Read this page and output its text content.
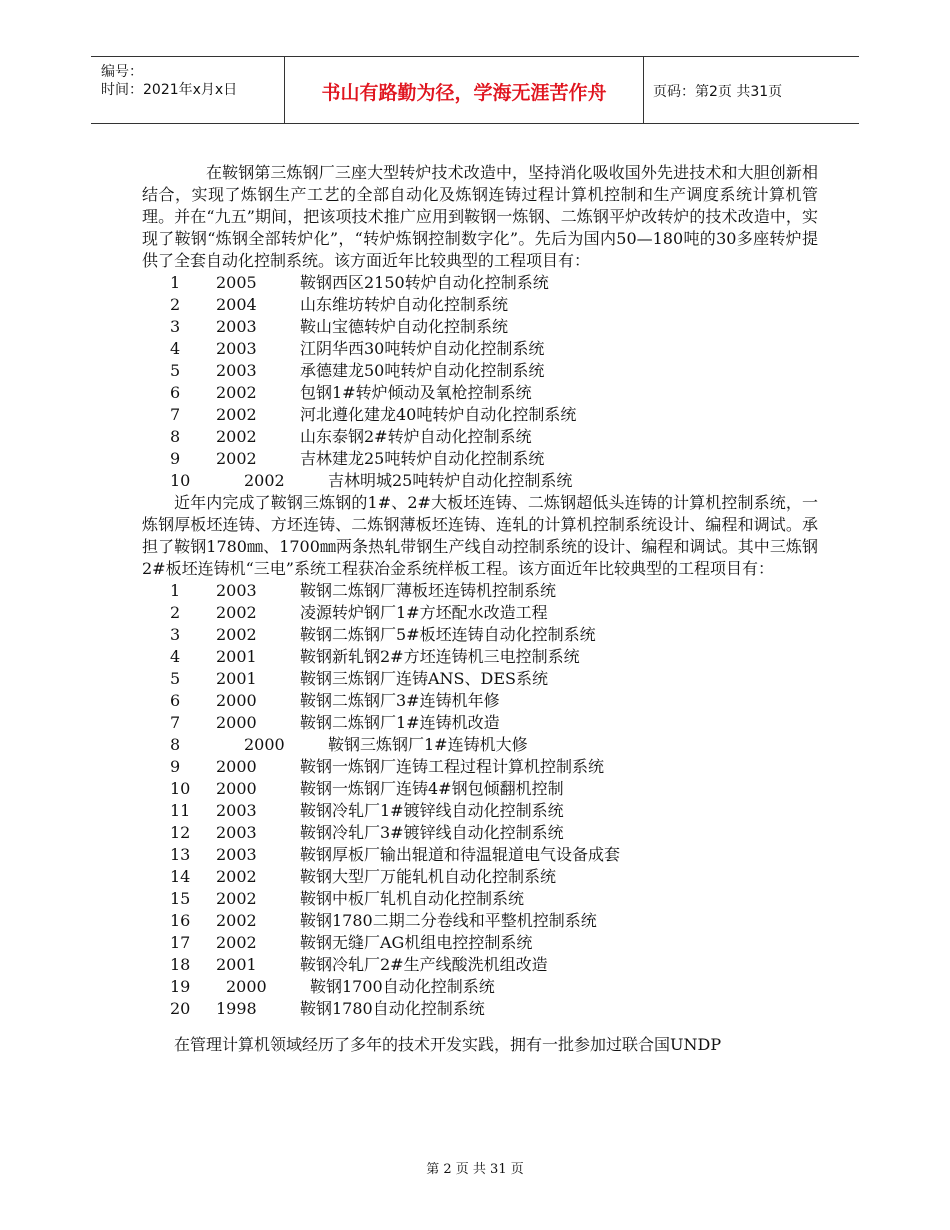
编号：
时间：2021年x月x日	书山有路勤为径，学海无涯苦作舟	页码：第2页 共31页

在鞍钢第三炼钢厂三座大型转炉技术改造中，坚持消化吸收国外先进技术和大胆创新相结合，实现了炼钢生产工艺的全部自动化及炼钢连铸过程计算机控制和生产调度系统计算机管理。并在“九五”期间，把该项技术推广应用到鞍钢一炼钢、二炼钢平炉改转炉的技术改造中，实现了鞍钢“炼钢全部转炉化”，“转炉炼钢控制数字化”。先后为国内50—180吨的30多座转炉提供了全套自动化控制系统。该方面近年比较典型的工程项目有：

1 2005	鞍钢西区2150转炉自动化控制系统
2 2004	山东维坊转炉自动化控制系统
3 2003	鞍山宝德转炉自动化控制系统
4 2003	江阴华西30吨转炉自动化控制系统
5 2003	承德建龙50吨转炉自动化控制系统
6 2002	包钢1#转炉倾动及氧枪控制系统
7 2002	河北遵化建龙40吨转炉自动化控制系统
8 2002	山东泰钢2#转炉自动化控制系统
9 2002	吉林建龙25吨转炉自动化控制系统
10	2002	吉林明城25吨转炉自动化控制系统

近年内完成了鞍钢三炼钢的1#、2#大板坯连铸、二炼钢超低头连铸的计算机控制系统，一炼钢厚板坯连铸、方坯连铸、二炼钢薄板坯连铸、连轧的计算机控制系统设计、编程和调试。承担了鞍钢1780㎜、1700㎜两条热轧带钢生产线自动控制系统的设计、编程和调试。其中三炼钢2#板坯连铸机“三电”系统工程获冶金系统样板工程。该方面近年比较典型的工程项目有：

1 2003	鞍钢二炼钢厂薄板坯连铸机控制系统
2 2002	凌源转炉钢厂1#方坯配水改造工程
3 2002	鞍钢二炼钢厂5#板坯连铸自动化控制系统
4 2001	鞍钢新轧钢2#方坯连铸机三电控制系统
5 2001	鞍钢三炼钢厂连铸ANS、DES系统
6 2000	鞍钢二炼钢厂3#连铸机年修
7 2000	鞍钢二炼钢厂1#连铸机改造
8	2000	鞍钢三炼钢厂1#连铸机大修
9 2000	鞍钢一炼钢厂连铸工程过程计算机控制系统
10 2000	鞍钢一炼钢厂连铸4#钢包倾翻机控制
11 2003	鞍钢冷轧厂1#镀锌线自动化控制系统
12 2003	鞍钢冷轧厂3#镀锌线自动化控制系统
13 2003	鞍钢厚板厂输出辊道和待温辊道电气设备成套
14 2002	鞍钢大型厂万能轧机自动化控制系统
15 2002	鞍钢中板厂轧机自动化控制系统
16 2002	鞍钢1780二期二分卷线和平整机控制系统
17 2002	鞍钢无缝厂AG机组电控控制系统
18 2001	鞍钢冷轧厂2#生产线酸洗机组改造
19 2000	鞍钢1700自动化控制系统
20 1998	鞍钢1780自动化控制系统

在管理计算机领域经历了多年的技术开发实践，拥有一批参加过联合国UNDP

第 2 页 共 31 页
